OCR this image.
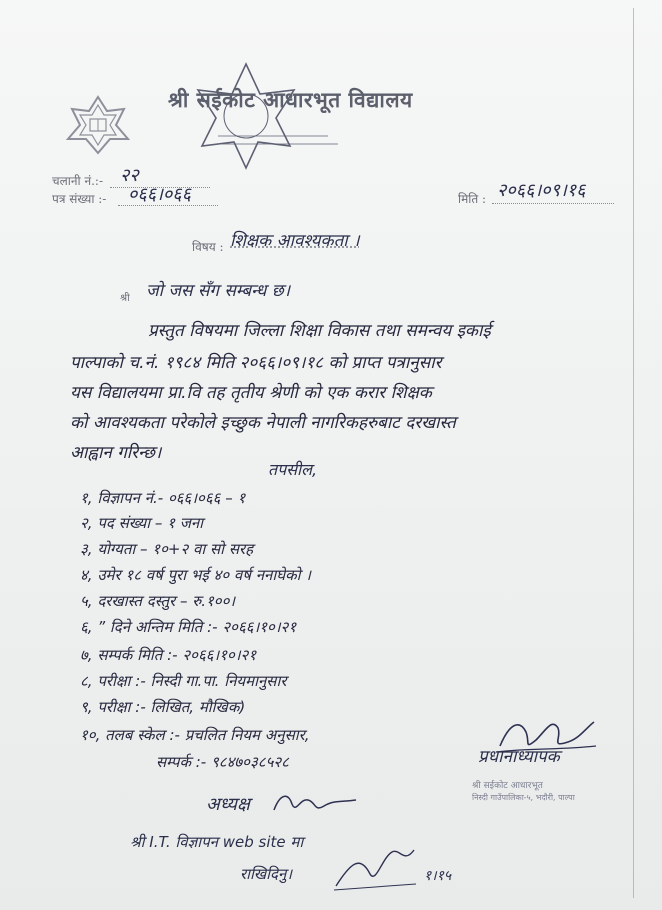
श्री सईकोट आधारभूत विद्यालय
चलानी नं.:- २२
पत्र संख्या :- ०६६।०६६	मिति : २०६६।०९।१६
विषय : शिक्षक आवश्यकता ।
श्री जो जस सँग सम्बन्ध छ।
प्रस्तुत विषयमा जिल्ला शिक्षा विकास तथा समन्वय इकाई
पाल्पाको च.नं. १९८४ मिति २०६६।०९।१८ को प्राप्त पत्रानुसार
यस विद्यालयमा प्रा.वि तह तृतीय श्रेणी को एक करार शिक्षक
को आवश्यकता परेकोले इच्छुक नेपाली नागरिकहरुबाट दरखास्त
आह्वान गरिन्छ।
तपसील,
१, विज्ञापन नं.- ०६६।०६६ – १
२, पद संख्या – १ जना
३, योग्यता – १०+२ वा सो सरह
४, उमेर १८ वर्ष पुरा भई ४० वर्ष ननाघेको ।
५, दरखास्त दस्तुर – रु.१००।
६, ” दिने अन्तिम मिति :- २०६६।१०।२१
७, सम्पर्क मिति :- २०६६।१०।२१
८, परीक्षा :- निस्दी गा.पा. नियमानुसार
९, परीक्षा :- लिखित, मौखिक)
१०, तलब स्केल :- प्रचलित नियम अनुसार,
सम्पर्क :- ९८४७०३८५२८	प्रधानाध्यापक
श्री सईकोट आधारभूत
निस्दी गाउँपालिका-५, भदौरी, पाल्पा
अध्यक्ष
श्री I.T. विज्ञापन web site मा
राखिदिनु।	१।१५
